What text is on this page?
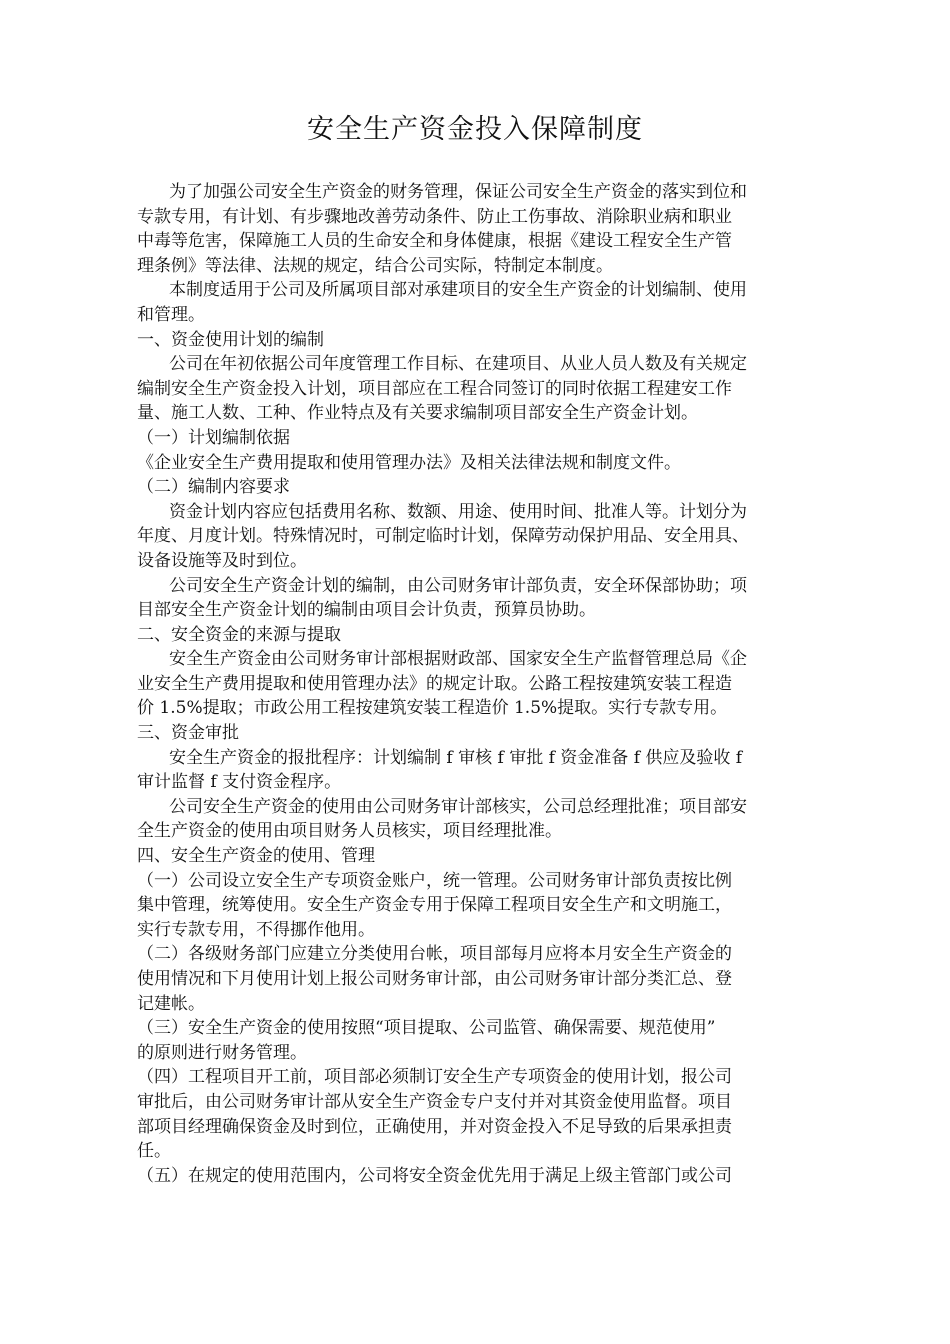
安全生产资金投入保障制度
为了加强公司安全生产资金的财务管理，保证公司安全生产资金的落实到位和
专款专用，有计划、有步骤地改善劳动条件、防止工伤事故、消除职业病和职业
中毒等危害，保障施工人员的生命安全和身体健康，根据《建设工程安全生产管
理条例》等法律、法规的规定，结合公司实际，特制定本制度。
本制度适用于公司及所属项目部对承建项目的安全生产资金的计划编制、使用
和管理。
一、资金使用计划的编制
公司在年初依据公司年度管理工作目标、在建项目、从业人员人数及有关规定
编制安全生产资金投入计划，项目部应在工程合同签订的同时依据工程建安工作
量、施工人数、工种、作业特点及有关要求编制项目部安全生产资金计划。
（一）计划编制依据
《企业安全生产费用提取和使用管理办法》及相关法律法规和制度文件。
（二）编制内容要求
资金计划内容应包括费用名称、数额、用途、使用时间、批准人等。计划分为
年度、月度计划。特殊情况时，可制定临时计划，保障劳动保护用品、安全用具、
设备设施等及时到位。
公司安全生产资金计划的编制，由公司财务审计部负责，安全环保部协助；项
目部安全生产资金计划的编制由项目会计负责，预算员协助。
二、安全资金的来源与提取
安全生产资金由公司财务审计部根据财政部、国家安全生产监督管理总局《企
业安全生产费用提取和使用管理办法》的规定计取。公路工程按建筑安装工程造
价 1.5%提取；市政公用工程按建筑安装工程造价 1.5%提取。实行专款专用。
三、资金审批
安全生产资金的报批程序：计划编制 f 审核 f 审批 f 资金准备 f 供应及验收 f
审计监督 f 支付资金程序。
公司安全生产资金的使用由公司财务审计部核实，公司总经理批准；项目部安
全生产资金的使用由项目财务人员核实，项目经理批准。
四、安全生产资金的使用、管理
（一）公司设立安全生产专项资金账户，统一管理。公司财务审计部负责按比例
集中管理，统筹使用。安全生产资金专用于保障工程项目安全生产和文明施工，
实行专款专用，不得挪作他用。
（二）各级财务部门应建立分类使用台帐，项目部每月应将本月安全生产资金的
使用情况和下月使用计划上报公司财务审计部，由公司财务审计部分类汇总、登
记建帐。
（三）安全生产资金的使用按照“项目提取、公司监管、确保需要、规范使用”
的原则进行财务管理。
（四）工程项目开工前，项目部必须制订安全生产专项资金的使用计划，报公司
审批后，由公司财务审计部从安全生产资金专户支付并对其资金使用监督。项目
部项目经理确保资金及时到位，正确使用，并对资金投入不足导致的后果承担责
任。
（五）在规定的使用范围内，公司将安全资金优先用于满足上级主管部门或公司
